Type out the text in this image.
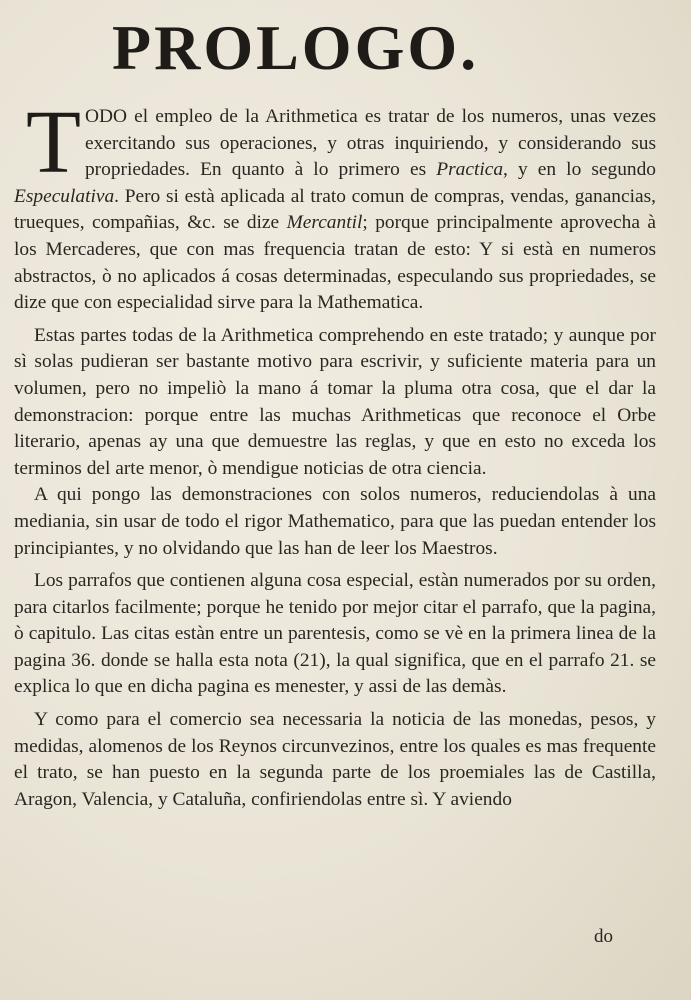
PROLOGO.

T ODO el empleo de la Arithmetica es tratar de los numeros, unas vezes exercitando sus operaciones, y otras inquiriendo, y considerando sus propriedades. En quanto à lo primero es Practica, y en lo segundo Especulativa. Pero si està aplicada al trato comun de compras, vendas, ganancias, trueques, compañias, &c. se dize Mercantil; porque principalmente aprovecha à los Mercaderes, que con mas frequencia tratan de esto: Y si està en numeros abstractos, ò no aplicados á cosas determinadas, especulando sus propriedades, se dize que con especialidad sirve para la Mathematica.

Estas partes todas de la Arithmetica comprehendo en este tratado; y aunque por sì solas pudieran ser bastante motivo para escrivir, y suficiente materia para un volumen, pero no impeliò la mano á tomar la pluma otra cosa, que el dar la demonstracion: porque entre las muchas Arithmeticas que reconoce el Orbe literario, apenas ay una que demuestre las reglas, y que en esto no exceda los terminos del arte menor, ò mendigue noticias de otra ciencia.

A qui pongo las demonstraciones con solos numeros, reduciendolas à una mediania, sin usar de todo el rigor Mathematico, para que las puedan entender los principiantes, y no olvidando que las han de leer los Maestros.

Los parrafos que contienen alguna cosa especial, estàn numerados por su orden, para citarlos facilmente; porque he tenido por mejor citar el parrafo, que la pagina, ò capitulo. Las citas estàn entre un parentesis, como se vè en la primera linea de la pagina 36. donde se halla esta nota (21), la qual significa, que en el parrafo 21. se explica lo que en dicha pagina es menester, y assi de las demàs.

Y como para el comercio sea necessaria la noticia de las monedas, pesos, y medidas, alomenos de los Reynos circunvezinos, entre los quales es mas frequente el trato, se han puesto en la segunda parte de los proemiales las de Castilla, Aragon, Valencia, y Cataluña, confiriendolas entre sì. Y aviendo

do
